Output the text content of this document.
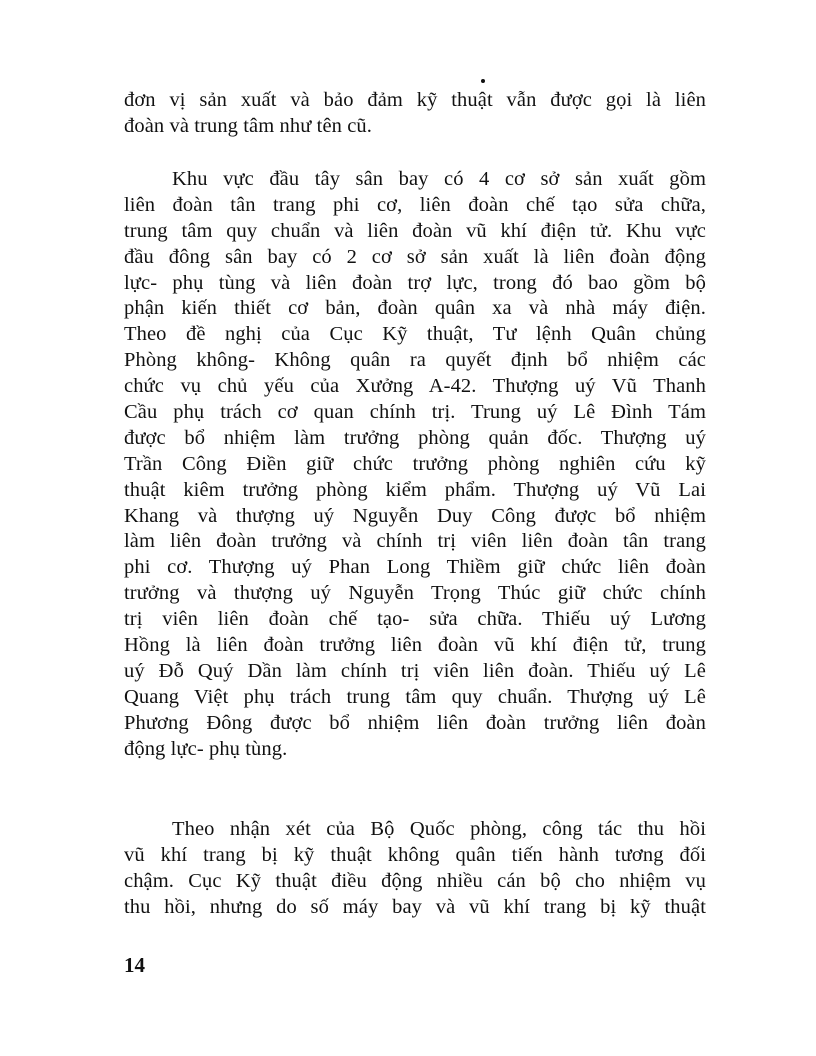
đơn vị sản xuất và bảo đảm kỹ thuật vẫn được gọi là liên
đoàn và trung tâm như tên cũ.
Khu vực đầu tây sân bay có 4 cơ sở sản xuất gồm
liên đoàn tân trang phi cơ, liên đoàn chế tạo sửa chữa,
trung tâm quy chuẩn và liên đoàn vũ khí điện tử. Khu vực
đầu đông sân bay có 2 cơ sở sản xuất là liên đoàn động
lực- phụ tùng và liên đoàn trợ lực, trong đó bao gồm bộ
phận kiến thiết cơ bản, đoàn quân xa và nhà máy điện.
Theo đề nghị của Cục Kỹ thuật, Tư lệnh Quân chủng
Phòng không- Không quân ra quyết định bổ nhiệm các
chức vụ chủ yếu của Xưởng A-42. Thượng uý Vũ Thanh
Cầu phụ trách cơ quan chính trị. Trung uý Lê Đình Tám
được bổ nhiệm làm trưởng phòng quản đốc. Thượng uý
Trần Công Điền giữ chức trưởng phòng nghiên cứu kỹ
thuật kiêm trưởng phòng kiểm phẩm. Thượng uý Vũ Lai
Khang và thượng uý Nguyễn Duy Công được bổ nhiệm
làm liên đoàn trưởng và chính trị viên liên đoàn tân trang
phi cơ. Thượng uý Phan Long Thiềm giữ chức liên đoàn
trưởng và thượng uý Nguyễn Trọng Thúc giữ chức chính
trị viên liên đoàn chế tạo- sửa chữa. Thiếu uý Lương
Hồng là liên đoàn trưởng liên đoàn vũ khí điện tử, trung
uý Đỗ Quý Dần làm chính trị viên liên đoàn. Thiếu uý Lê
Quang Việt phụ trách trung tâm quy chuẩn. Thượng uý Lê
Phương Đông được bổ nhiệm liên đoàn trưởng liên đoàn
động lực- phụ tùng.
Theo nhận xét của Bộ Quốc phòng, công tác thu hồi
vũ khí trang bị kỹ thuật không quân tiến hành tương đối
chậm. Cục Kỹ thuật điều động nhiều cán bộ cho nhiệm vụ
thu hồi, nhưng do số máy bay và vũ khí trang bị kỹ thuật
14
